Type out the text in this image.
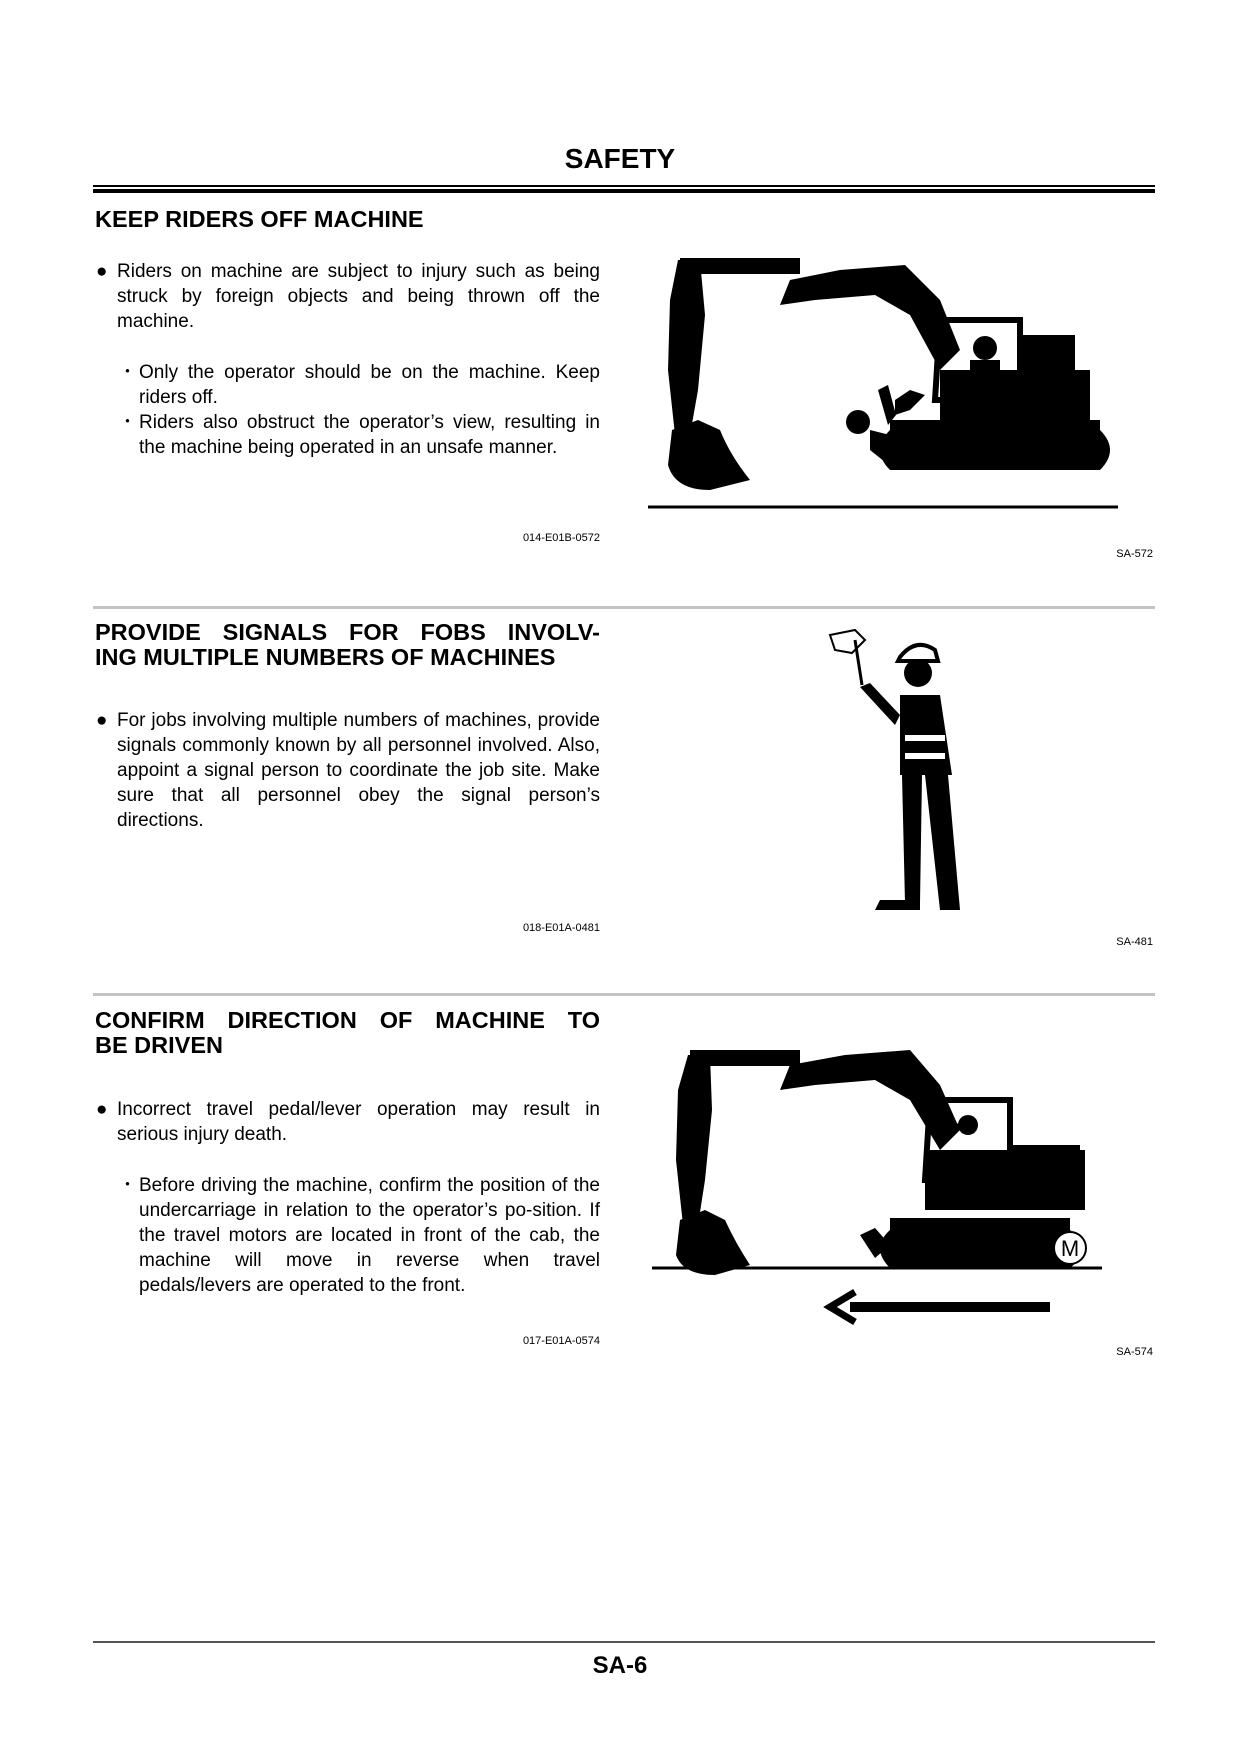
SAFETY
KEEP RIDERS OFF MACHINE
● Riders on machine are subject to injury such as being struck by foreign objects and being thrown off the machine.
・ Only the operator should be on the machine. Keep riders off.
・ Riders also obstruct the operator’s view, resulting in the machine being operated in an unsafe manner.
014-E01B-0572
SA-572
PROVIDE SIGNALS FOR FOBS INVOLV-
ING MULTIPLE NUMBERS OF MACHINES
● For jobs involving multiple numbers of machines, provide signals commonly known by all personnel involved. Also, appoint a signal person to coordinate the job site. Make sure that all personnel obey the signal person’s directions.
018-E01A-0481
SA-481
CONFIRM DIRECTION OF MACHINE TO
BE DRIVEN
● Incorrect travel pedal/lever operation may result in serious injury death.
・ Before driving the machine, confirm the position of the undercarriage in relation to the operator’s po-sition. If the travel motors are located in front of the cab, the machine will move in reverse when travel pedals/levers are operated to the front.
017-E01A-0574
SA-574
M
SA-6
